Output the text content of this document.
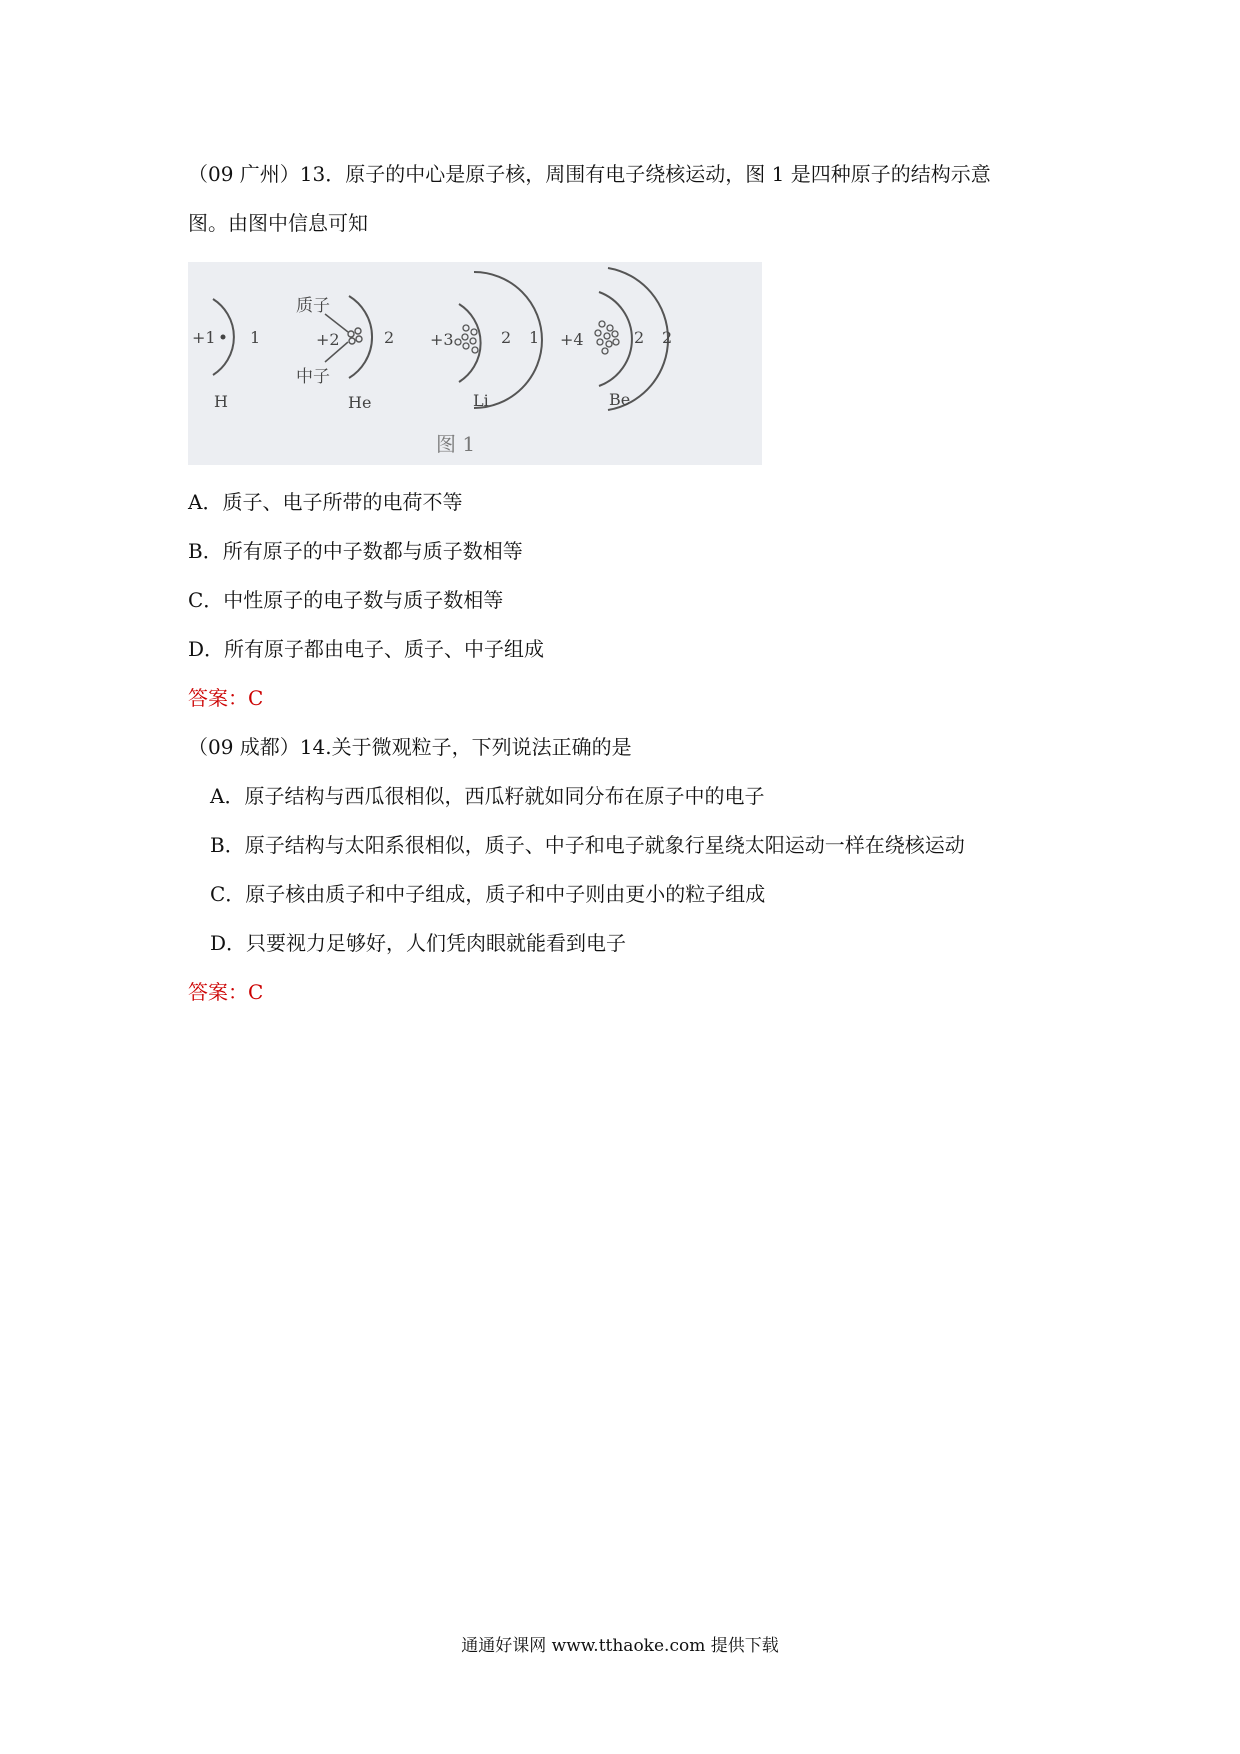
（09 广州）13．原子的中心是原子核，周围有电子绕核运动，图 1 是四种原子的结构示意
图。由图中信息可知
+1 1
H
质子
+2	2
中子
He
+3	2 1
Li
+4	2 2
Be
图 1
A．质子、电子所带的电荷不等
B．所有原子的中子数都与质子数相等
C．中性原子的电子数与质子数相等
D．所有原子都由电子、质子、中子组成
答案：C
（09 成都）14.关于微观粒子，下列说法正确的是
A．原子结构与西瓜很相似，西瓜籽就如同分布在原子中的电子
B．原子结构与太阳系很相似，质子、中子和电子就象行星绕太阳运动一样在绕核运动
C．原子核由质子和中子组成，质子和中子则由更小的粒子组成
D．只要视力足够好，人们凭肉眼就能看到电子
答案：C
通通好课网 www.tthaoke.com 提供下载
